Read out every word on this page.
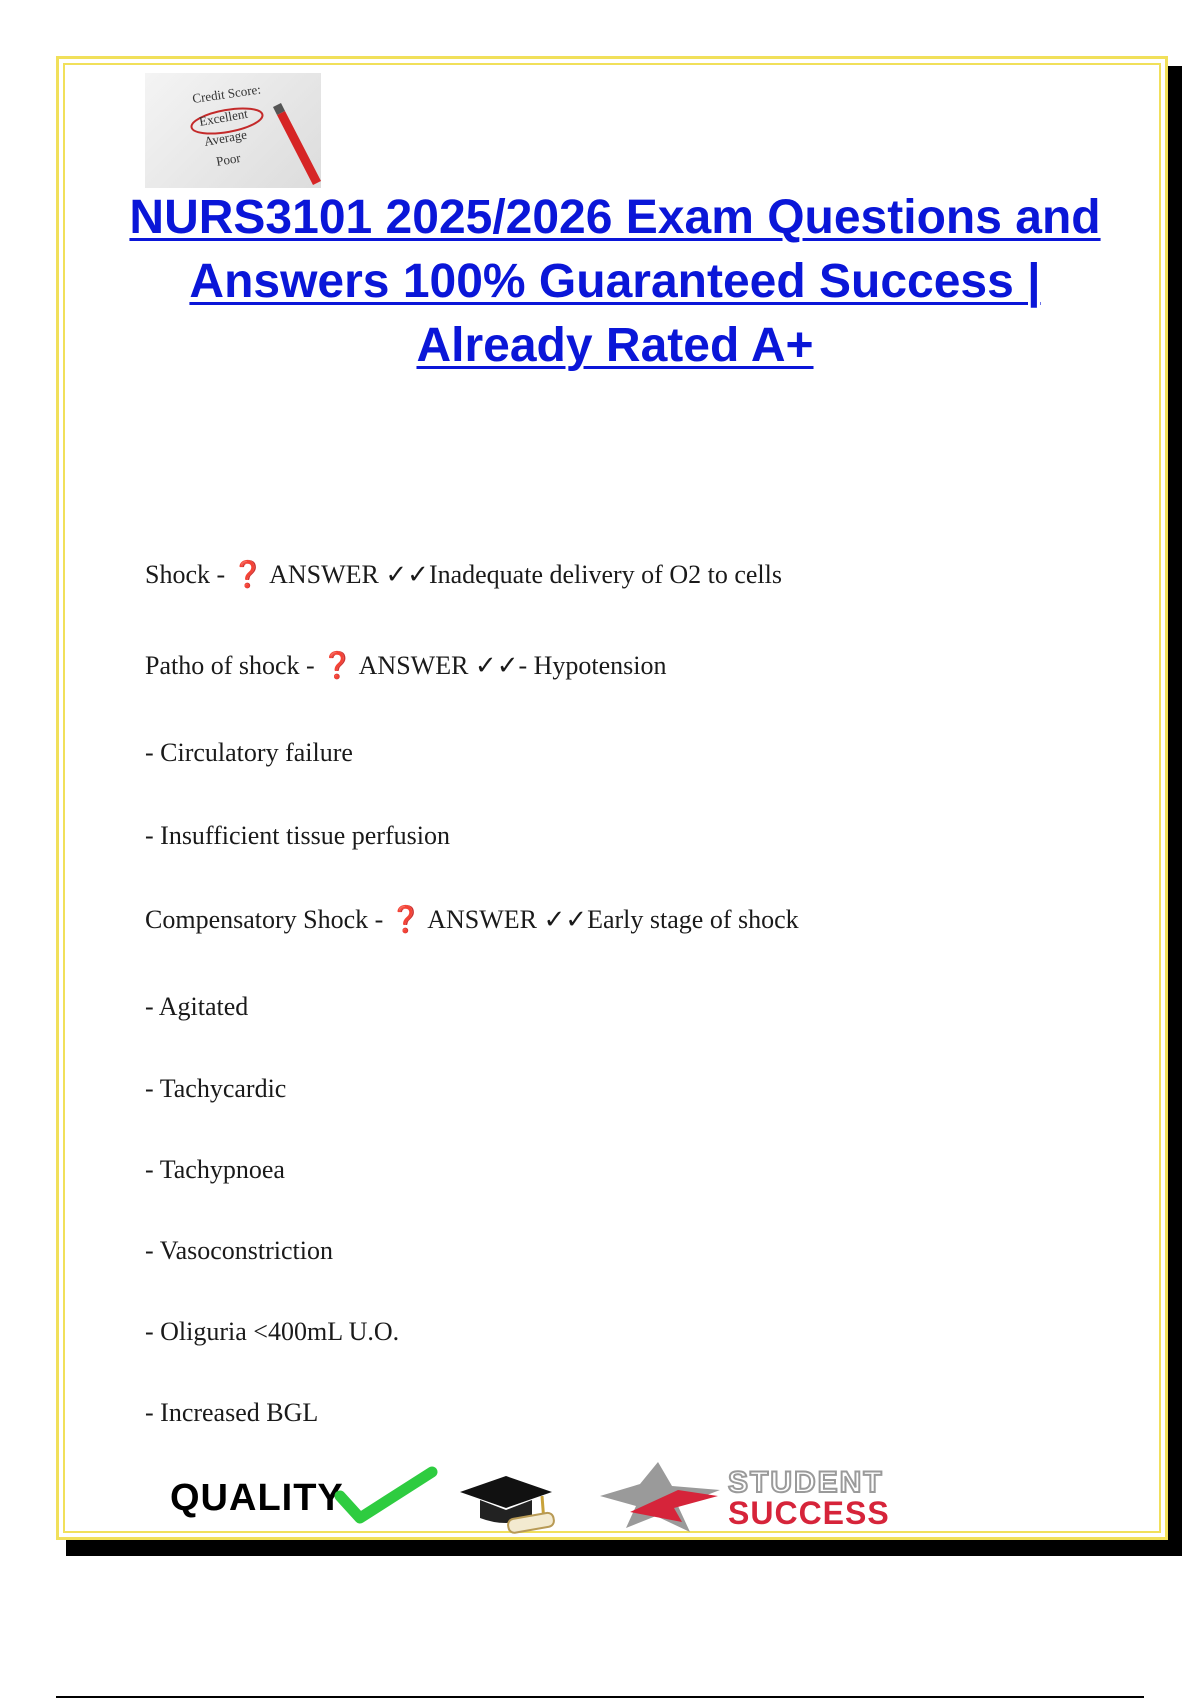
Credit Score:
Excellent
Average
Poor
NURS3101 2025/2026 Exam Questions and Answers 100% Guaranteed Success | Already Rated A+

Shock - ❓ ANSWER ✓✓Inadequate delivery of O2 to cells

Patho of shock - ❓ ANSWER ✓✓- Hypotension

- Circulatory failure

- Insufficient tissue perfusion

Compensatory Shock - ❓ ANSWER ✓✓Early stage of shock

- Agitated

- Tachycardic

- Tachypnoea

- Vasoconstriction

- Oliguria <400mL U.O.

- Increased BGL

QUALITY	STUDENT
SUCCESS
